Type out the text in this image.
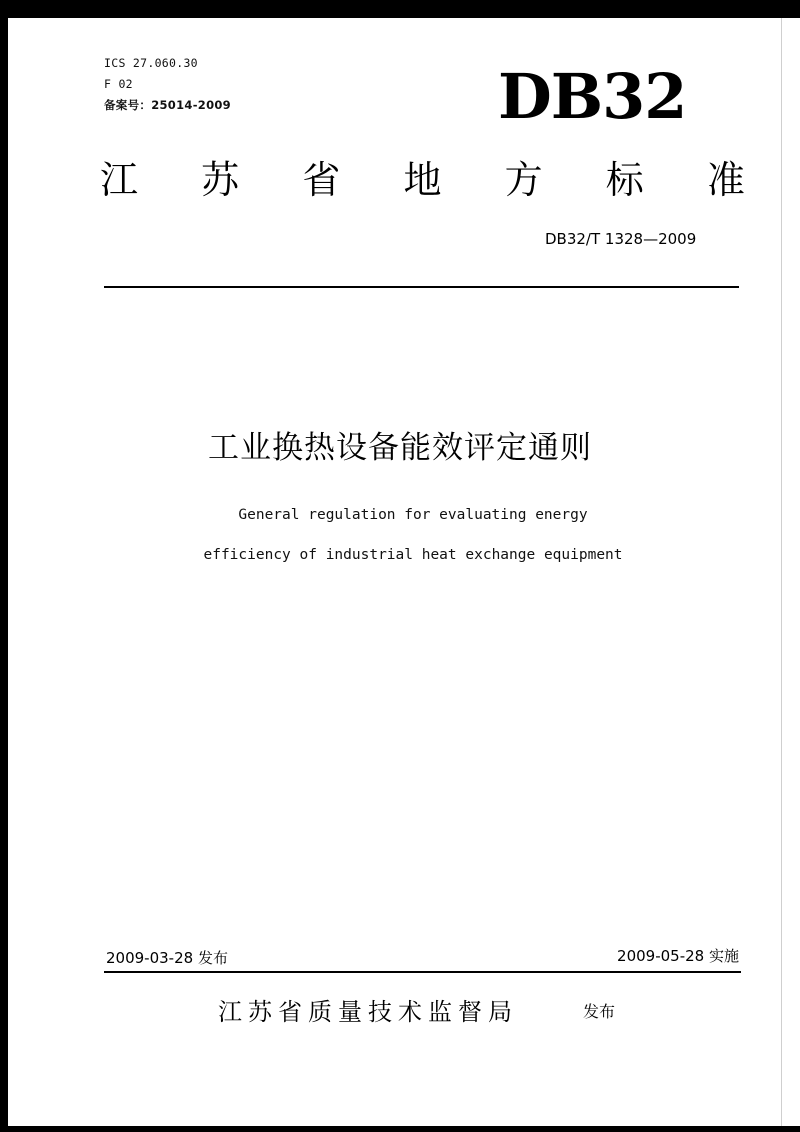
ICS 27.060.30
F 02
备案号：25014-2009	DB32
江 苏 省 地 方 标 准
DB32/T 1328—2009
工业换热设备能效评定通则
General regulation for evaluating energy
efficiency of industrial heat exchange equipment
2009-03-28 发布	2009-05-28 实施
江苏省质量技术监督局	发布
